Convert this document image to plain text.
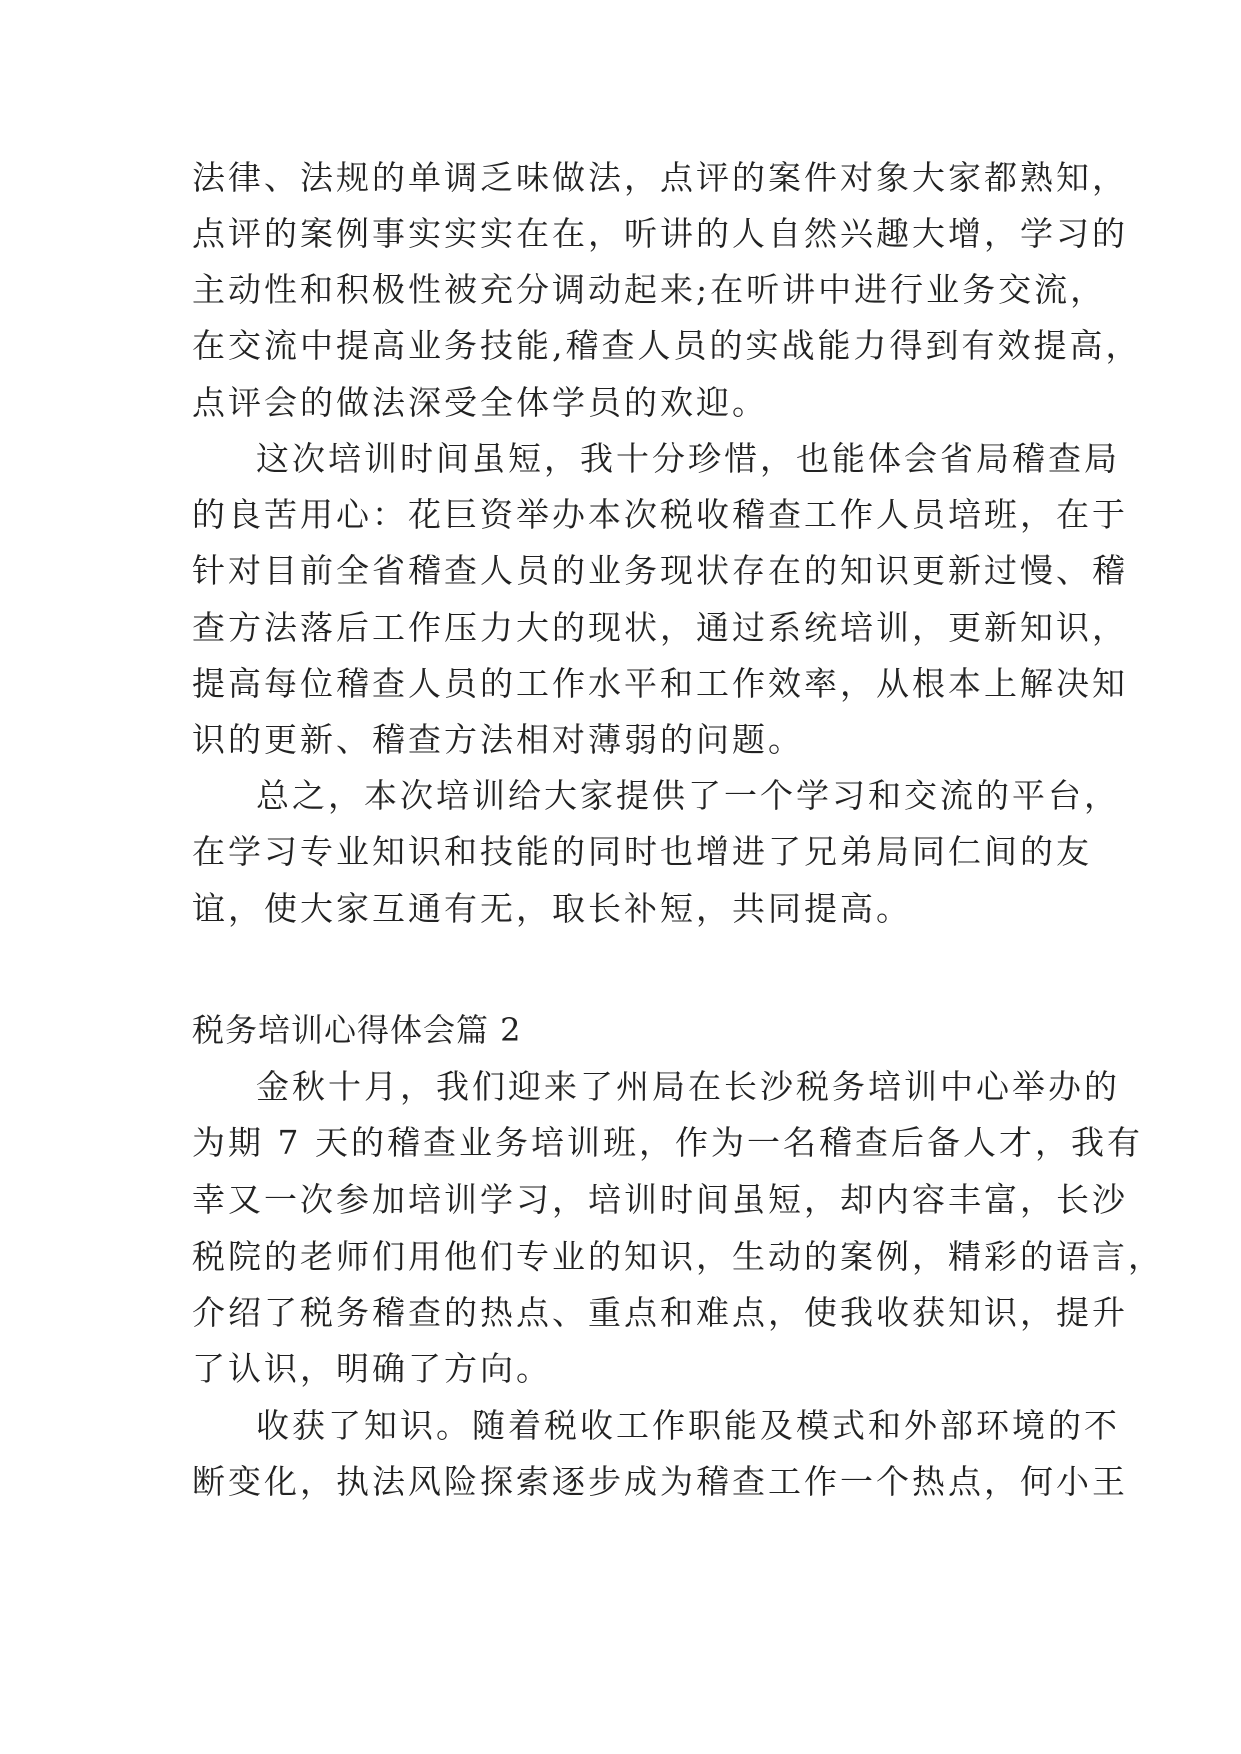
法律、法规的单调乏味做法，点评的案件对象大家都熟知，
点评的案例事实实实在在，听讲的人自然兴趣大增，学习的
主动性和积极性被充分调动起来;在听讲中进行业务交流，
在交流中提高业务技能,稽查人员的实战能力得到有效提高，
点评会的做法深受全体学员的欢迎。
这次培训时间虽短，我十分珍惜，也能体会省局稽查局
的良苦用心：花巨资举办本次税收稽查工作人员培班，在于
针对目前全省稽查人员的业务现状存在的知识更新过慢、稽
查方法落后工作压力大的现状，通过系统培训，更新知识，
提高每位稽查人员的工作水平和工作效率，从根本上解决知
识的更新、稽查方法相对薄弱的问题。
总之，本次培训给大家提供了一个学习和交流的平台，
在学习专业知识和技能的同时也增进了兄弟局同仁间的友
谊，使大家互通有无，取长补短，共同提高。
税务培训心得体会篇 2
金秋十月，我们迎来了州局在长沙税务培训中心举办的
为期 7 天的稽查业务培训班，作为一名稽查后备人才，我有
幸又一次参加培训学习，培训时间虽短，却内容丰富，长沙
税院的老师们用他们专业的知识，生动的案例，精彩的语言，
介绍了税务稽查的热点、重点和难点，使我收获知识，提升
了认识，明确了方向。
收获了知识。随着税收工作职能及模式和外部环境的不
断变化，执法风险探索逐步成为稽查工作一个热点，何小王
